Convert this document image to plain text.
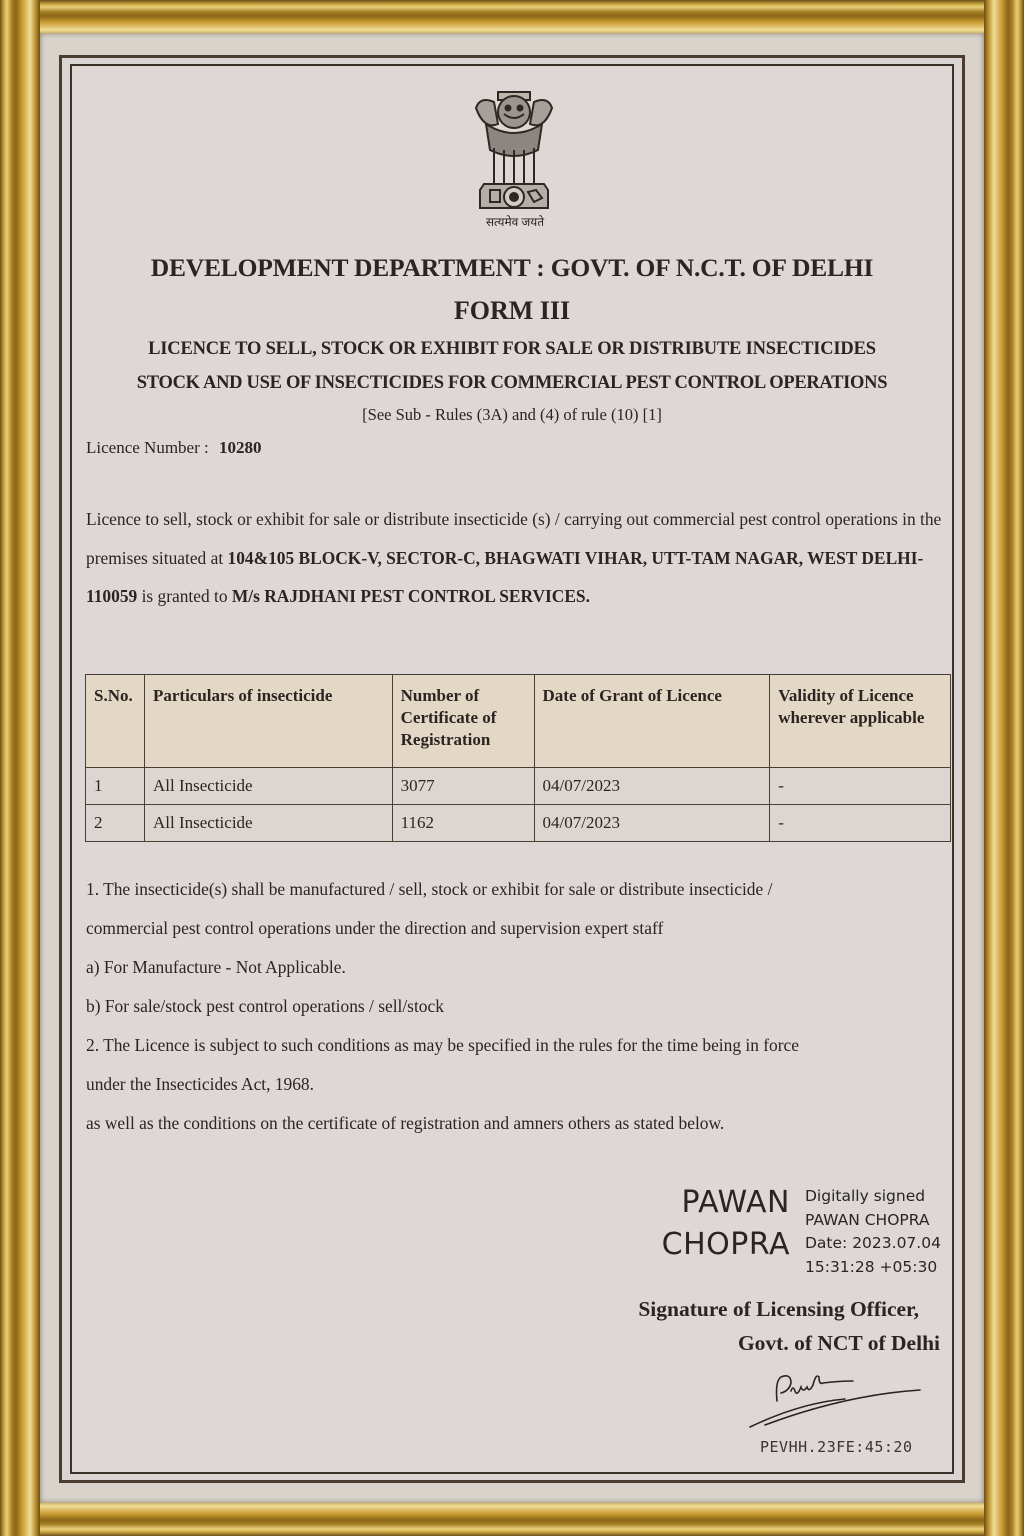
सत्यमेव जयते
DEVELOPMENT DEPARTMENT : GOVT. OF N.C.T. OF DELHI
FORM III
LICENCE TO SELL, STOCK OR EXHIBIT FOR SALE OR DISTRIBUTE INSECTICIDES
STOCK AND USE OF INSECTICIDES FOR COMMERCIAL PEST CONTROL OPERATIONS
[See Sub - Rules (3A) and (4) of rule (10) [1]
Licence Number : 10280
Licence to sell, stock or exhibit for sale or distribute insecticide (s) / carrying out commercial pest control operations in the premises situated at 104&105 BLOCK-V, SECTOR-C, BHAGWATI VIHAR, UTT-TAM NAGAR, WEST DELHI-110059 is granted to M/s RAJDHANI PEST CONTROL SERVICES.
S.No.	Particulars of insecticide	Number of Certificate of Registration	Date of Grant of Licence	Validity of Licence wherever applicable
1	All Insecticide	3077	04/07/2023	-
2	All Insecticide	1162	04/07/2023	-
1. The insecticide(s) shall be manufactured / sell, stock or exhibit for sale or distribute insecticide /
commercial pest control operations under the direction and supervision expert staff
a) For Manufacture - Not Applicable.
b) For sale/stock pest control operations / sell/stock
2. The Licence is subject to such conditions as may be specified in the rules for the time being in force
under the Insecticides Act, 1968.
as well as the conditions on the certificate of registration and amners others as stated below.
PAWAN
CHOPRA
Digitally signed
PAWAN CHOPRA
Date: 2023.07.04
15:31:28 +05:30
Signature of Licensing Officer,
Govt. of NCT of Delhi
PEVHH.23FE:45:20
